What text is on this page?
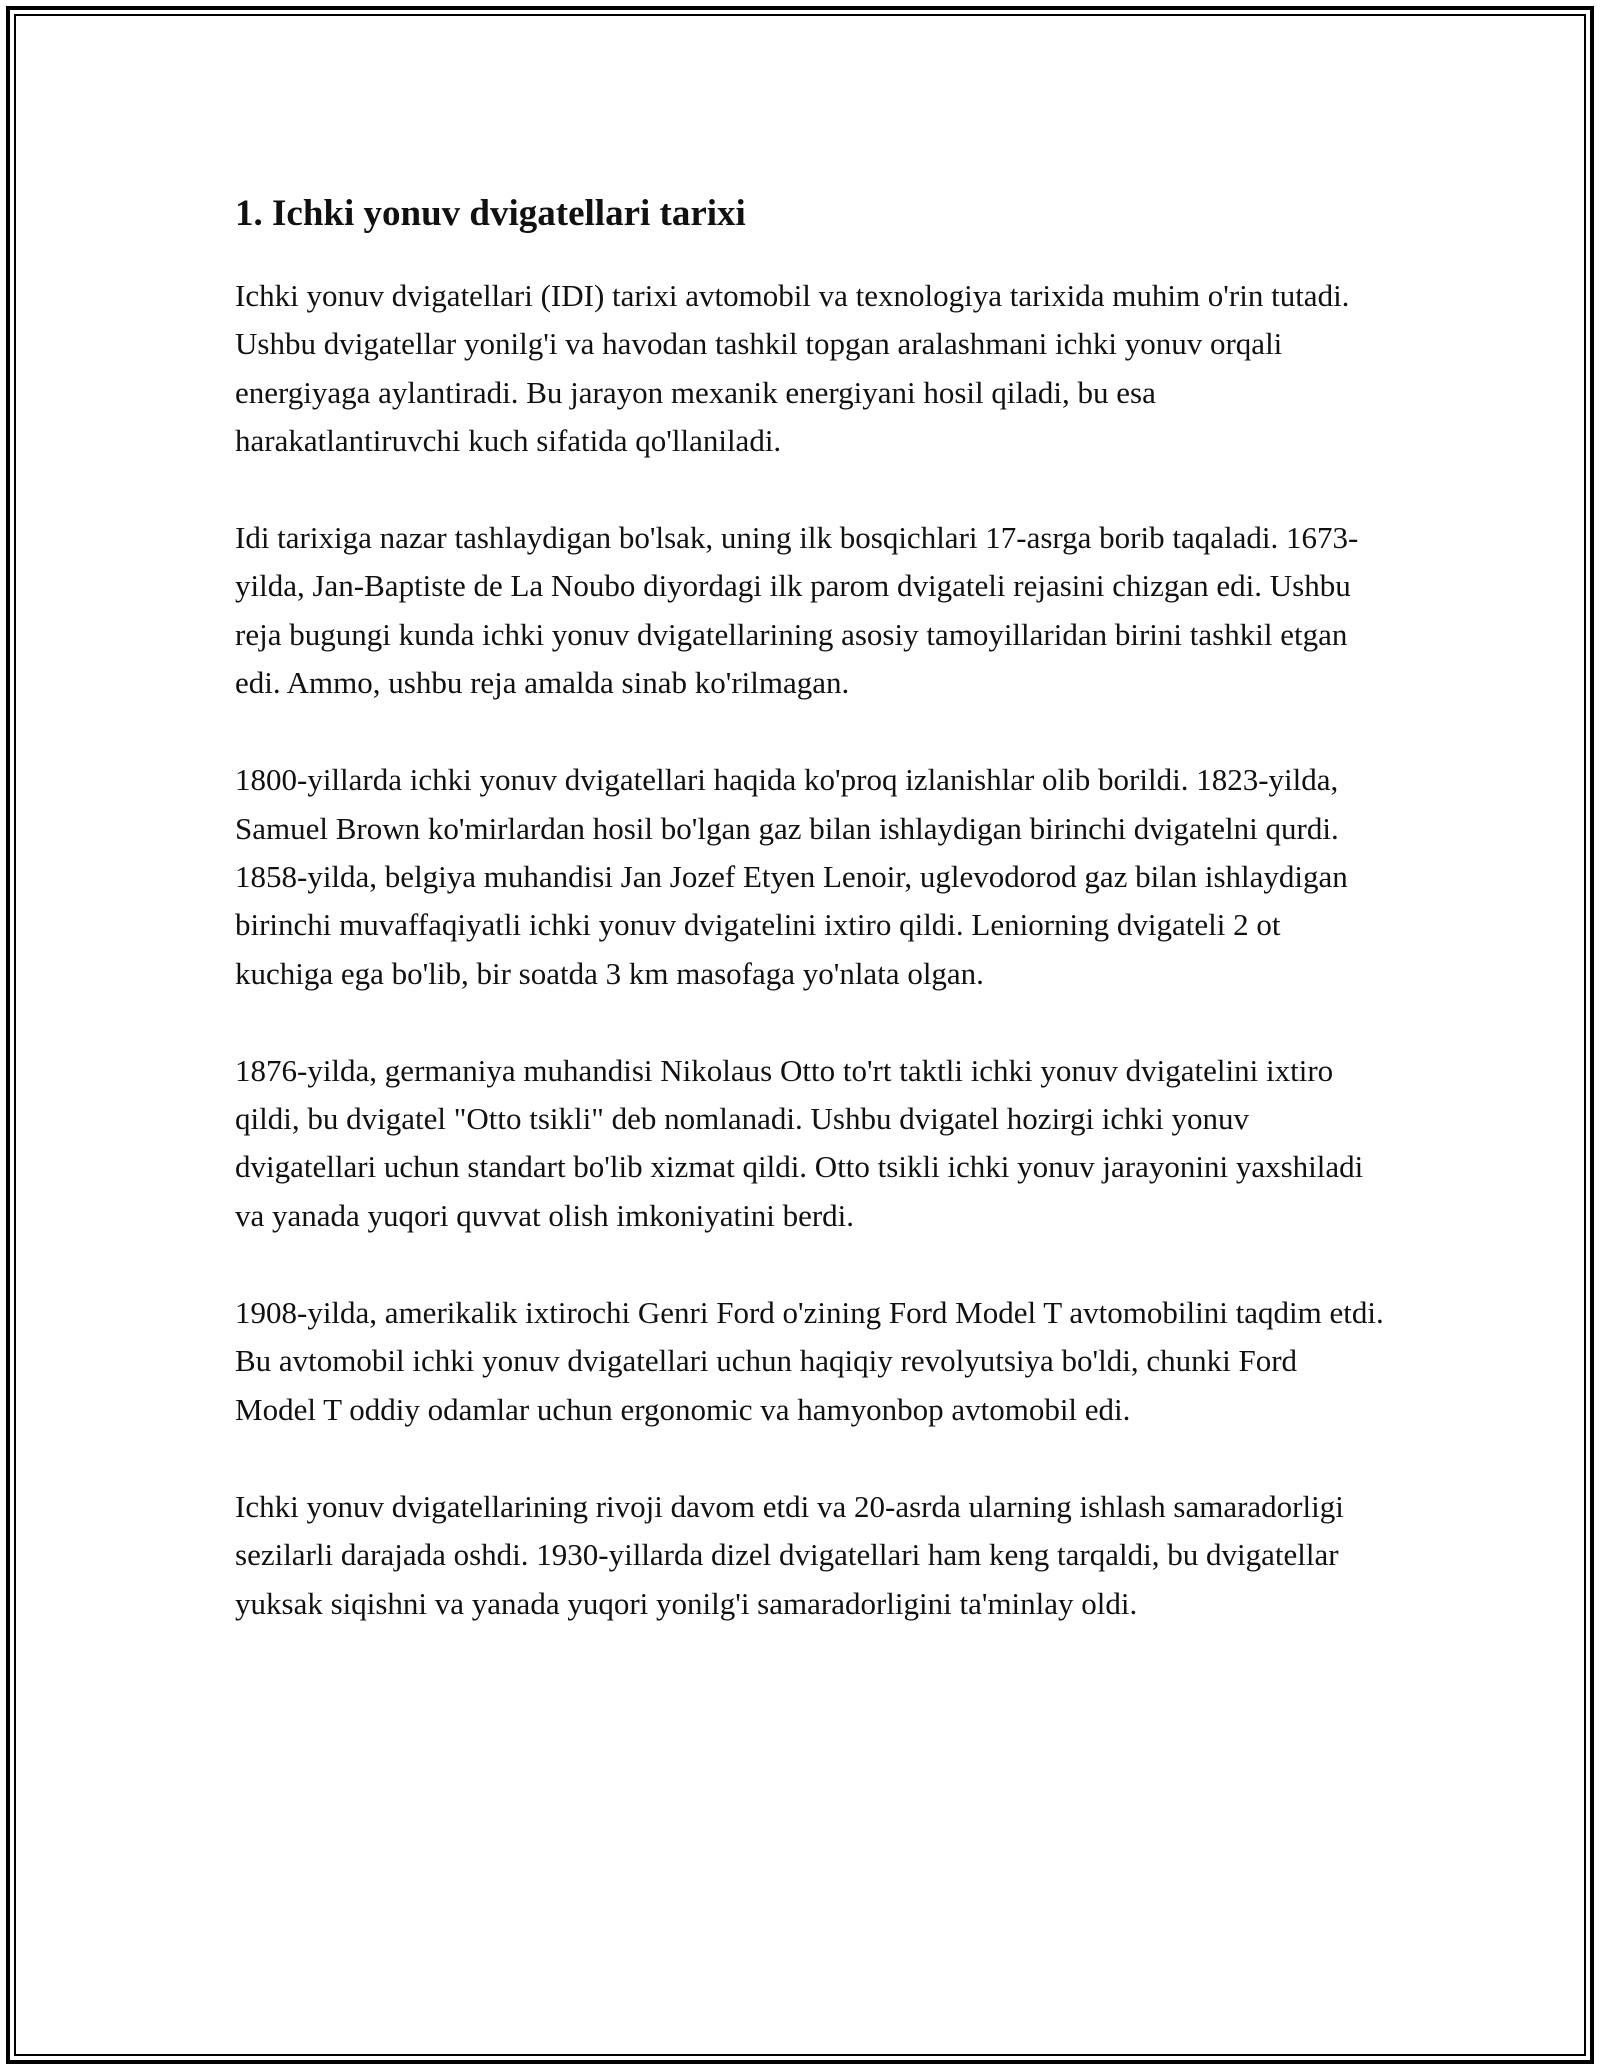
1. Ichki yonuv dvigatellari tarixi

Ichki yonuv dvigatellari (IDI) tarixi avtomobil va texnologiya tarixida muhim o'rin tutadi. Ushbu dvigatellar yonilg'i va havodan tashkil topgan aralashmani ichki yonuv orqali energiyaga aylantiradi. Bu jarayon mexanik energiyani hosil qiladi, bu esa harakatlantiruvchi kuch sifatida qo'llaniladi.

Idi tarixiga nazar tashlaydigan bo'lsak, uning ilk bosqichlari 17-asrga borib taqaladi. 1673-yilda, Jan-Baptiste de La Noubo diyordagi ilk parom dvigateli rejasini chizgan edi. Ushbu reja bugungi kunda ichki yonuv dvigatellarining asosiy tamoyillaridan birini tashkil etgan edi. Ammo, ushbu reja amalda sinab ko'rilmagan.

1800-yillarda ichki yonuv dvigatellari haqida ko'proq izlanishlar olib borildi. 1823-yilda, Samuel Brown ko'mirlardan hosil bo'lgan gaz bilan ishlaydigan birinchi dvigatelni qurdi. 1858-yilda, belgiya muhandisi Jan Jozef Etyen Lenoir, uglevodorod gaz bilan ishlaydigan birinchi muvaffaqiyatli ichki yonuv dvigatelini ixtiro qildi. Leniorning dvigateli 2 ot kuchiga ega bo'lib, bir soatda 3 km masofaga yo'nlata olgan.

1876-yilda, germaniya muhandisi Nikolaus Otto to'rt taktli ichki yonuv dvigatelini ixtiro qildi, bu dvigatel "Otto tsikli" deb nomlanadi. Ushbu dvigatel hozirgi ichki yonuv dvigatellari uchun standart bo'lib xizmat qildi. Otto tsikli ichki yonuv jarayonini yaxshiladi va yanada yuqori quvvat olish imkoniyatini berdi.

1908-yilda, amerikalik ixtirochi Genri Ford o'zining Ford Model T avtomobilini taqdim etdi. Bu avtomobil ichki yonuv dvigatellari uchun haqiqiy revolyutsiya bo'ldi, chunki Ford Model T oddiy odamlar uchun ergonomic va hamyonbop avtomobil edi.

Ichki yonuv dvigatellarining rivoji davom etdi va 20-asrda ularning ishlash samaradorligi sezilarli darajada oshdi. 1930-yillarda dizel dvigatellari ham keng tarqaldi, bu dvigatellar yuksak siqishni va yanada yuqori yonilg'i samaradorligini ta'minlay oldi.
